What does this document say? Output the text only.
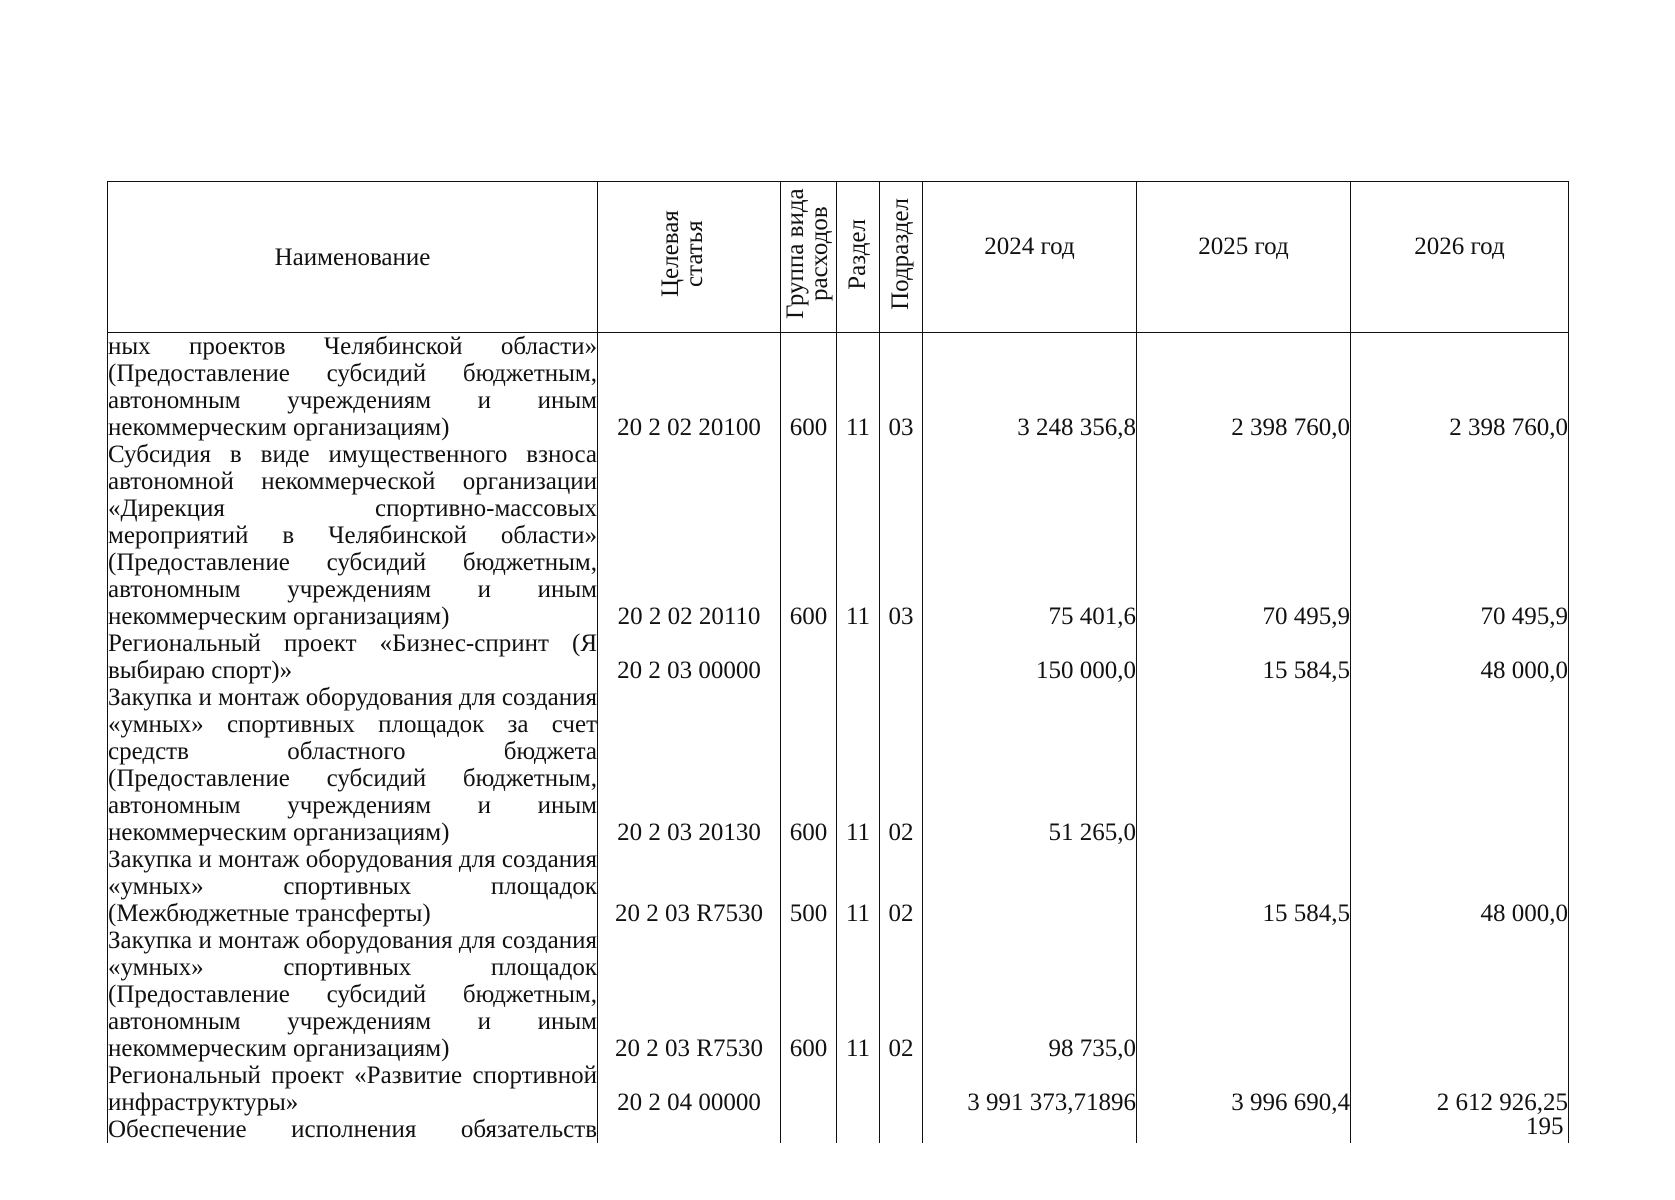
Наименование	Целевая статья	Группа вида расходов	Раздел	Подраздел	2024 год	2025 год	2026 год

ных проектов Челябинской области» (Предоставление субсидий бюджетным, автономным учреждениям и иным некоммерческим организациям)	20 2 02 20100	600	11	03	3 248 356,8	2 398 760,0	2 398 760,0
Субсидия в виде имущественного взноса автономной некоммерческой организации «Дирекция спортивно-массовых мероприятий в Челябинской области» (Предоставление субсидий бюджетным, автономным учреждениям и иным некоммерческим организациям)	20 2 02 20110	600	11	03	75 401,6	70 495,9	70 495,9
Региональный проект «Бизнес-спринт (Я выбираю спорт)»	20 2 03 00000				150 000,0	15 584,5	48 000,0
Закупка и монтаж оборудования для создания «умных» спортивных площадок за счет средств областного бюджета (Предоставление субсидий бюджетным, автономным учреждениям и иным некоммерческим организациям)	20 2 03 20130	600	11	02	51 265,0		
Закупка и монтаж оборудования для создания «умных» спортивных площадок (Межбюджетные трансферты)	20 2 03 R7530	500	11	02		15 584,5	48 000,0
Закупка и монтаж оборудования для создания «умных» спортивных площадок (Предоставление субсидий бюджетным, автономным учреждениям и иным некоммерческим организациям)	20 2 03 R7530	600	11	02	98 735,0		
Региональный проект «Развитие спортивной инфраструктуры»	20 2 04 00000				3 991 373,71896	3 996 690,4	2 612 926,25
Обеспечение исполнения обязательств								195
